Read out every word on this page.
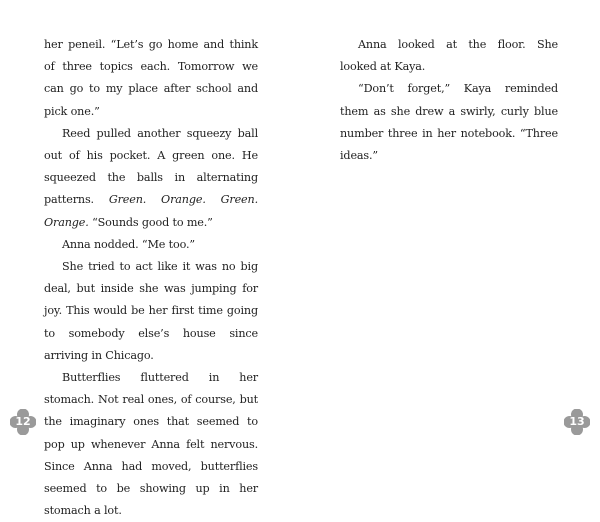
her peneil. “Let’s go home and think of three topics each. Tomorrow we can go to my place after school and pick one.”

Reed pulled another squeezy ball out of his pocket. A green one. He squeezed the balls in alternating patterns. Green. Orange. Green. Orange. “Sounds good to me.”

Anna nodded. “Me too.”

She tried to act like it was no big deal, but inside she was jumping for joy. This would be her first time going to somebody else’s house since arriving in Chicago.

Butterflies fluttered in her stomach. Not real ones, of course, but the imaginary ones that seemed to pop up whenever Anna felt nervous. Since Anna had moved, butterflies seemed to be showing up in her stomach a lot.

12

Anna looked at the floor. She looked at Kaya.

“Don’t forget,” Kaya reminded them as she drew a swirly, curly blue number three in her notebook. “Three ideas.”

13
